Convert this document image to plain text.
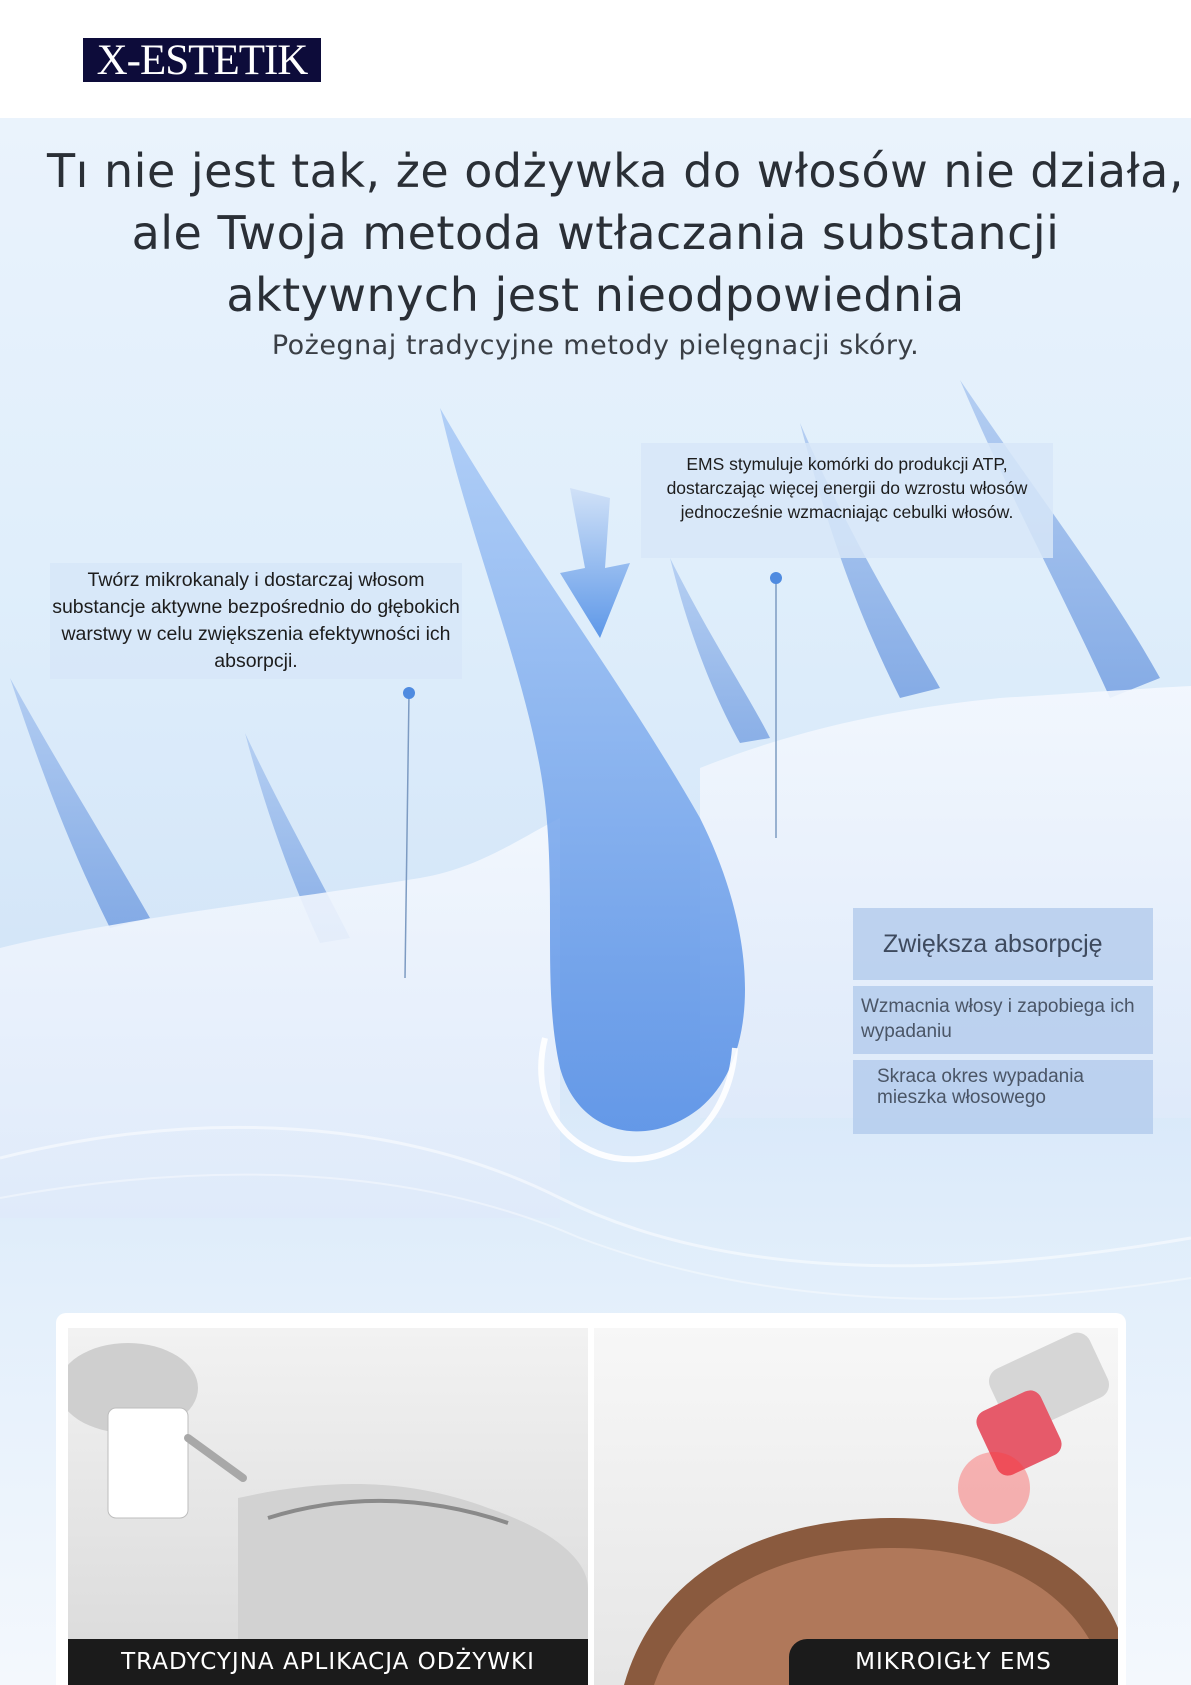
X-ESTETIK
Tı nie jest tak, że odżywka do włosów nie działa,
ale Twoja metoda wtłaczania substancji
aktywnych jest nieodpowiednia
Pożegnaj tradycyjne metody pielęgnacji skóry.
Twórz mikrokanaly i dostarczaj włosom substancje aktywne bezpośrednio do głębokich warstwy w celu zwiększenia efektywności ich absorpcji.
EMS stymuluje komórki do produkcji ATP, dostarczając więcej energii do wzrostu włosów jednocześnie wzmacniając cebulki włosów.
Zwiększa absorpcję
Wzmacnia włosy i zapobiega ich wypadaniu
Skraca okres wypadania mieszka włosowego
TRADYCYJNA APLIKACJA ODŻYWKI	MIKROIGŁY EMS
